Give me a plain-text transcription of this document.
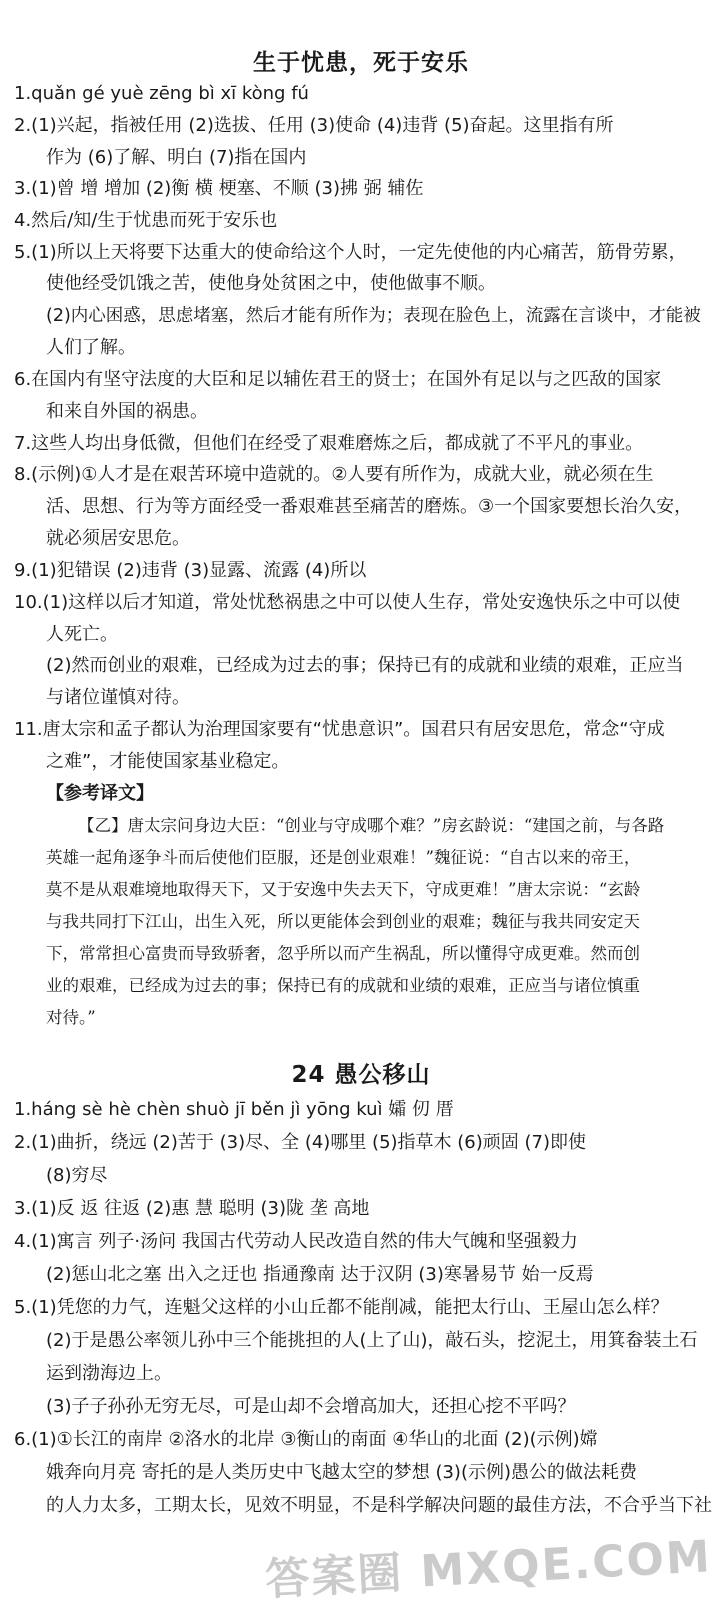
生于忧患，死于安乐
1.quǎn gé yuè zēng bì xī kòng fú
2.(1)兴起，指被任用 (2)选拔、任用 (3)使命 (4)违背 (5)奋起。这里指有所
作为 (6)了解、明白 (7)指在国内
3.(1)曾 增 增加 (2)衡 横 梗塞、不顺 (3)拂 弼 辅佐
4.然后/知/生于忧患而死于安乐也
5.(1)所以上天将要下达重大的使命给这个人时，一定先使他的内心痛苦，筋骨劳累，
使他经受饥饿之苦，使他身处贫困之中，使他做事不顺。
(2)内心困惑，思虑堵塞，然后才能有所作为；表现在脸色上，流露在言谈中，才能被
人们了解。
6.在国内有坚守法度的大臣和足以辅佐君王的贤士；在国外有足以与之匹敌的国家
和来自外国的祸患。
7.这些人均出身低微，但他们在经受了艰难磨炼之后，都成就了不平凡的事业。
8.(示例)①人才是在艰苦环境中造就的。②人要有所作为，成就大业，就必须在生
活、思想、行为等方面经受一番艰难甚至痛苦的磨炼。③一个国家要想长治久安，
就必须居安思危。
9.(1)犯错误 (2)违背 (3)显露、流露 (4)所以
10.(1)这样以后才知道，常处忧愁祸患之中可以使人生存，常处安逸快乐之中可以使
人死亡。
(2)然而创业的艰难，已经成为过去的事；保持已有的成就和业绩的艰难，正应当
与诸位谨慎对待。
11.唐太宗和孟子都认为治理国家要有“忧患意识”。国君只有居安思危，常念“守成
之难”，才能使国家基业稳定。
【参考译文】
【乙】唐太宗问身边大臣：“创业与守成哪个难？”房玄龄说：“建国之前，与各路
英雄一起角逐争斗而后使他们臣服，还是创业艰难！”魏征说：“自古以来的帝王，
莫不是从艰难境地取得天下，又于安逸中失去天下，守成更难！”唐太宗说：“玄龄
与我共同打下江山，出生入死，所以更能体会到创业的艰难；魏征与我共同安定天
下，常常担心富贵而导致骄奢，忽乎所以而产生祸乱，所以懂得守成更难。然而创
业的艰难，已经成为过去的事；保持已有的成就和业绩的艰难，正应当与诸位慎重
对待。”
24 愚公移山
1.háng sè hè chèn shuò jī běn jì yōng kuì 孀 仞 厝
2.(1)曲折，绕远 (2)苦于 (3)尽、全 (4)哪里 (5)指草木 (6)顽固 (7)即使
(8)穷尽
3.(1)反 返 往返 (2)惠 慧 聪明 (3)陇 垄 高地
4.(1)寓言 列子·汤问 我国古代劳动人民改造自然的伟大气魄和坚强毅力
(2)惩山北之塞 出入之迂也 指通豫南 达于汉阴 (3)寒暑易节 始一反焉
5.(1)凭您的力气，连魁父这样的小山丘都不能削减，能把太行山、王屋山怎么样？
(2)于是愚公率领儿孙中三个能挑担的人(上了山)，敲石头，挖泥土，用箕畚装土石
运到渤海边上。
(3)子子孙孙无穷无尽，可是山却不会增高加大，还担心挖不平吗？
6.(1)①长江的南岸 ②洛水的北岸 ③衡山的南面 ④华山的北面 (2)(示例)嫦
娥奔向月亮 寄托的是人类历史中飞越太空的梦想 (3)(示例)愚公的做法耗费
的人力太多，工期太长，见效不明显，不是科学解决问题的最佳方法，不合乎当下社
答案圈 MXQE.COM
